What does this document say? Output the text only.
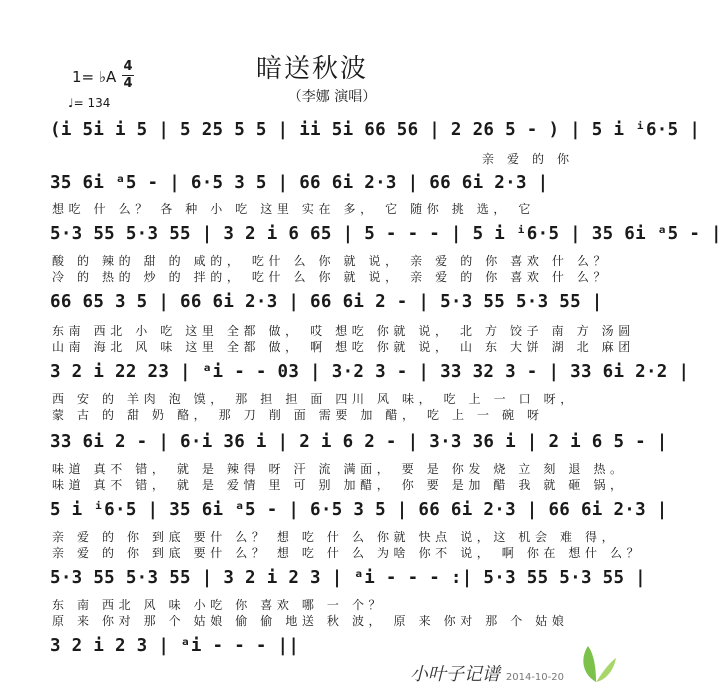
暗送秋波
（李娜 演唱）
1= ♭A
4
4
♩= 134
(i 5i i 5 | 5 25 5 5 | ii 5i 66 56 | 2 26 5 - ) | 5 i ⁱ6·5 |
亲 爱 的 你
35 6i ᵃ5 - | 6·5 3 5 | 66 6i 2·3 | 66 6i 2·3 |
想吃 什 么？ 各 种 小 吃 这里 实在 多， 它 随你 挑 选， 它
5·3 55 5·3 55 | 3 2 i 6 65 | 5 - - - | 5 i ⁱ6·5 | 35 6i ᵃ5 - |
酸 的 辣的 甜 的 咸的， 吃什 么 你 就 说， 亲 爱 的 你 喜欢 什 么？
冷 的 热的 炒 的 拌的， 吃什 么 你 就 说， 亲 爱 的 你 喜欢 什 么？
66 65 3 5 | 66 6i 2·3 | 66 6i 2 - | 5·3 55 5·3 55 |
东南 西北 小 吃 这里 全都 做， 哎 想吃 你就 说， 北 方 饺子 南 方 汤圆
山南 海北 风 味 这里 全都 做， 啊 想吃 你就 说， 山 东 大饼 湖 北 麻团
3 2 i 22 23 | ᵃi - - 03 | 3·2 3 - | 33 32 3 - | 33 6i 2·2 |
西 安 的 羊肉 泡 馍， 那 担 担 面 四川 风 味， 吃 上 一 口 呀，
蒙 古 的 甜 奶 酪， 那 刀 削 面 需要 加 醋， 吃 上 一 碗 呀
33 6i 2 - | 6·i 36 i | 2 i 6 2 - | 3·3 36 i | 2 i 6 5 - |
味道 真不 错， 就 是 辣得 呀 汗 流 满面， 要 是 你发 烧 立 刻 退 热。
味道 真不 错， 就 是 爱情 里 可 别 加醋， 你 要 是加 醋 我 就 砸 锅，
5 i ⁱ6·5 | 35 6i ᵃ5 - | 6·5 3 5 | 66 6i 2·3 | 66 6i 2·3 |
亲 爱 的 你 到底 要什 么？ 想 吃 什 么 你就 快点 说，这 机会 难 得，
亲 爱 的 你 到底 要什 么？ 想 吃 什 么 为啥 你不 说， 啊 你在 想什 么？
5·3 55 5·3 55 | 3 2 i 2 3 | ᵃi - - - :| 5·3 55 5·3 55 |
东 南 西北 风 味 小吃 你 喜欢 哪 一 个？
原 来 你对 那 个 姑娘 偷 偷 地送 秋 波， 原 来 你对 那 个 姑娘
3 2 i 2 3 | ᵃi - - - ||
小叶子记谱 2014-10-20
